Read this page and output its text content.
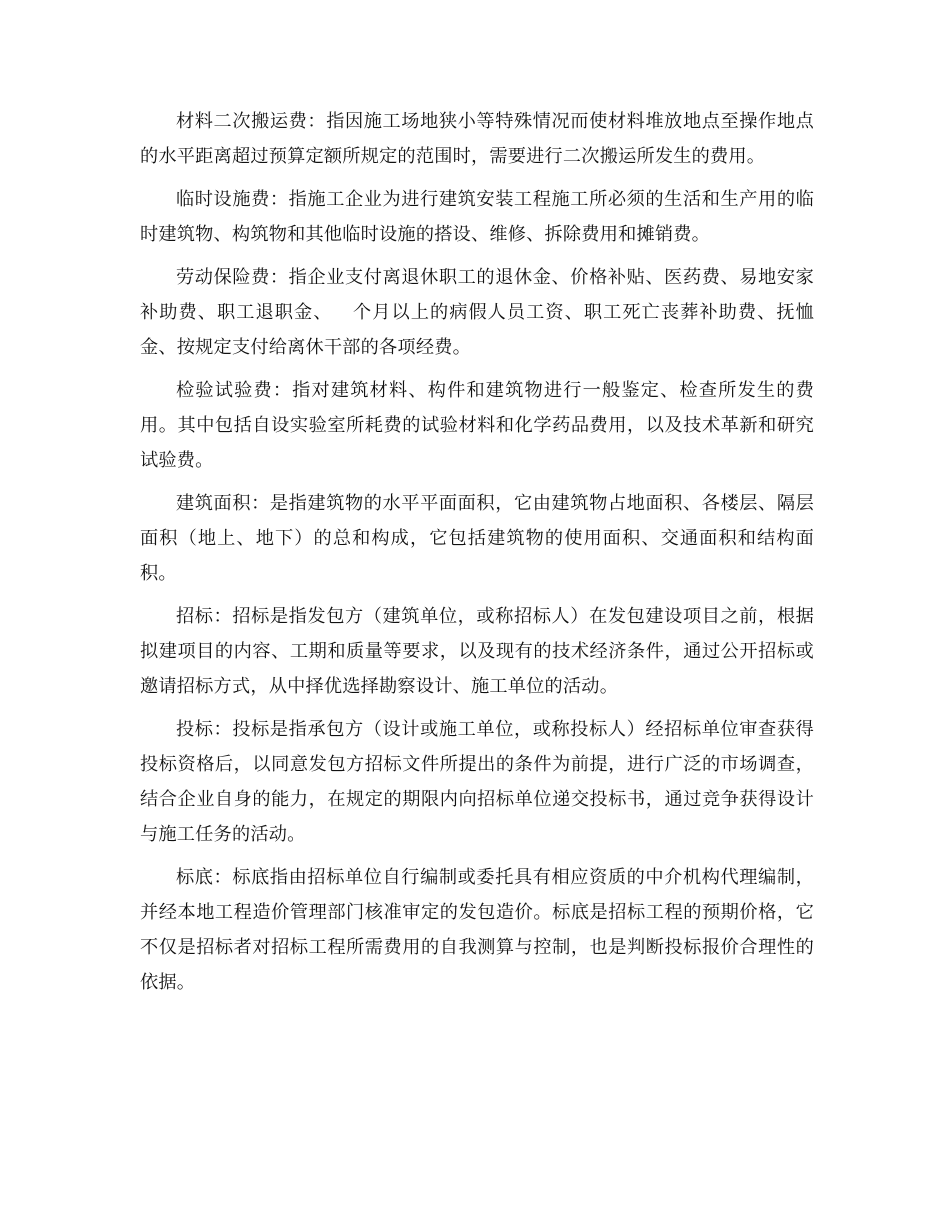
材料二次搬运费：指因施工场地狭小等特殊情况而使材料堆放地点至操作地点的水平距离超过预算定额所规定的范围时，需要进行二次搬运所发生的费用。

临时设施费：指施工企业为进行建筑安装工程施工所必须的生活和生产用的临时建筑物、构筑物和其他临时设施的搭设、维修、拆除费用和摊销费。

劳动保险费：指企业支付离退休职工的退休金、价格补贴、医药费、易地安家补助费、职工退职金、   个月以上的病假人员工资、职工死亡丧葬补助费、抚恤金、按规定支付给离休干部的各项经费。

检验试验费：指对建筑材料、构件和建筑物进行一般鉴定、检查所发生的费用。其中包括自设实验室所耗费的试验材料和化学药品费用，以及技术革新和研究试验费。

建筑面积：是指建筑物的水平平面面积，它由建筑物占地面积、各楼层、隔层面积（地上、地下）的总和构成，它包括建筑物的使用面积、交通面积和结构面积。

招标：招标是指发包方（建筑单位，或称招标人）在发包建设项目之前，根据拟建项目的内容、工期和质量等要求，以及现有的技术经济条件，通过公开招标或邀请招标方式，从中择优选择勘察设计、施工单位的活动。

投标：投标是指承包方（设计或施工单位，或称投标人）经招标单位审查获得投标资格后，以同意发包方招标文件所提出的条件为前提，进行广泛的市场调查，结合企业自身的能力，在规定的期限内向招标单位递交投标书，通过竞争获得设计与施工任务的活动。

标底：标底指由招标单位自行编制或委托具有相应资质的中介机构代理编制，并经本地工程造价管理部门核准审定的发包造价。标底是招标工程的预期价格，它不仅是招标者对招标工程所需费用的自我测算与控制，也是判断投标报价合理性的依据。
